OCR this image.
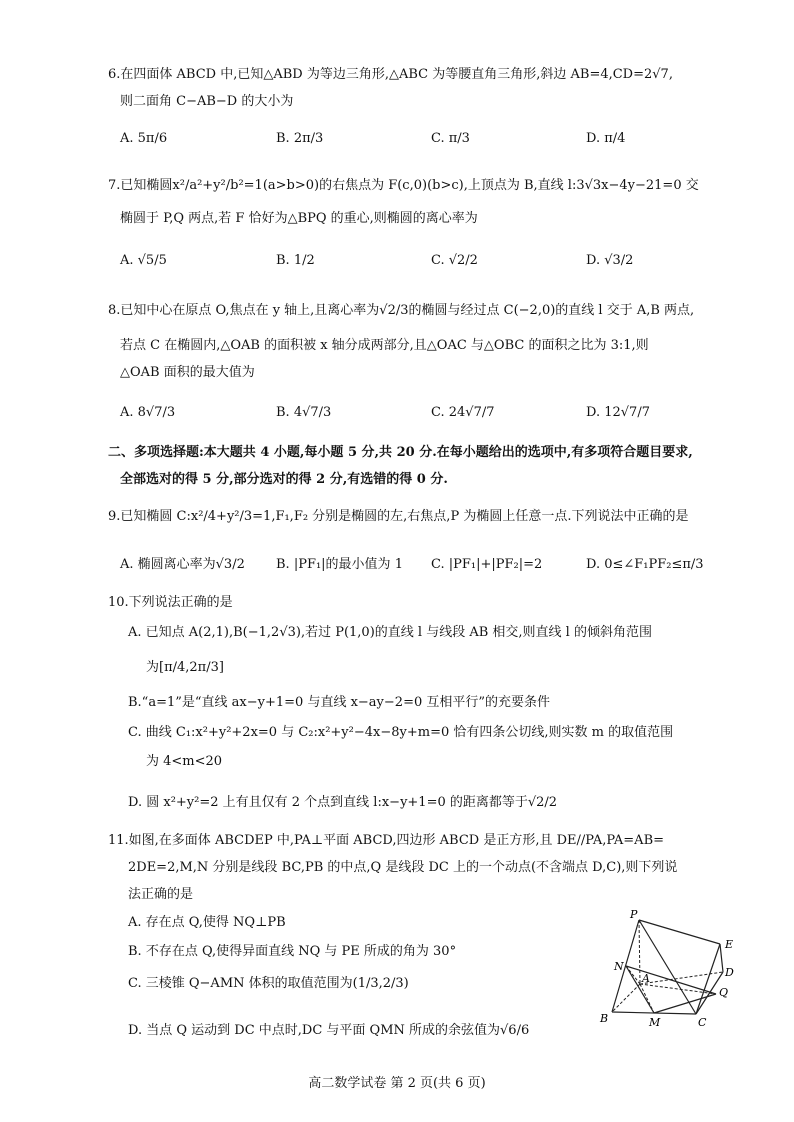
6.在四面体 ABCD 中,已知△ABD 为等边三角形,△ABC 为等腰直角三角形,斜边 AB=4,CD=2√7,
则二面角 C−AB−D 的大小为
A. 5π/6	B. 2π/3	C. π/3	D. π/4
7.已知椭圆x²/a²+y²/b²=1(a>b>0)的右焦点为 F(c,0)(b>c),上顶点为 B,直线 l:3√3x−4y−21=0 交
椭圆于 P,Q 两点,若 F 恰好为△BPQ 的重心,则椭圆的离心率为
A. √5/5	B. 1/2	C. √2/2	D. √3/2
8.已知中心在原点 O,焦点在 y 轴上,且离心率为√2/3的椭圆与经过点 C(−2,0)的直线 l 交于 A,B 两点,
若点 C 在椭圆内,△OAB 的面积被 x 轴分成两部分,且△OAC 与△OBC 的面积之比为 3:1,则
△OAB 面积的最大值为
A. 8√7/3	B. 4√7/3	C. 24√7/7	D. 12√7/7
二、多项选择题:本大题共 4 小题,每小题 5 分,共 20 分.在每小题给出的选项中,有多项符合题目要求,
全部选对的得 5 分,部分选对的得 2 分,有选错的得 0 分.
9.已知椭圆 C:x²/4+y²/3=1,F₁,F₂ 分别是椭圆的左,右焦点,P 为椭圆上任意一点.下列说法中正确的是
A. 椭圆离心率为√3/2 B. |PF₁|的最小值为 1 C. |PF₁|+|PF₂|=2	D. 0≤∠F₁PF₂≤π/3
10.下列说法正确的是
A. 已知点 A(2,1),B(−1,2√3),若过 P(1,0)的直线 l 与线段 AB 相交,则直线 l 的倾斜角范围
为[π/4,2π/3]
B.“a=1”是“直线 ax−y+1=0 与直线 x−ay−2=0 互相平行”的充要条件
C. 曲线 C₁:x²+y²+2x=0 与 C₂:x²+y²−4x−8y+m=0 恰有四条公切线,则实数 m 的取值范围
为 4<m<20
D. 圆 x²+y²=2 上有且仅有 2 个点到直线 l:x−y+1=0 的距离都等于√2/2
11.如图,在多面体 ABCDEP 中,PA⊥平面 ABCD,四边形 ABCD 是正方形,且 DE//PA,PA=AB=
2DE=2,M,N 分别是线段 BC,PB 的中点,Q 是线段 DC 上的一个动点(不含端点 D,C),则下列说
法正确的是
A. 存在点 Q,使得 NQ⊥PB
B. 不存在点 Q,使得异面直线 NQ 与 PE 所成的角为 30°
C. 三棱锥 Q−AMN 体积的取值范围为(1/3,2/3)
D. 当点 Q 运动到 DC 中点时,DC 与平面 QMN 所成的余弦值为√6/6
P
E
N
A	D
Q
B	M	C
高二数学试卷 第 2 页(共 6 页)
